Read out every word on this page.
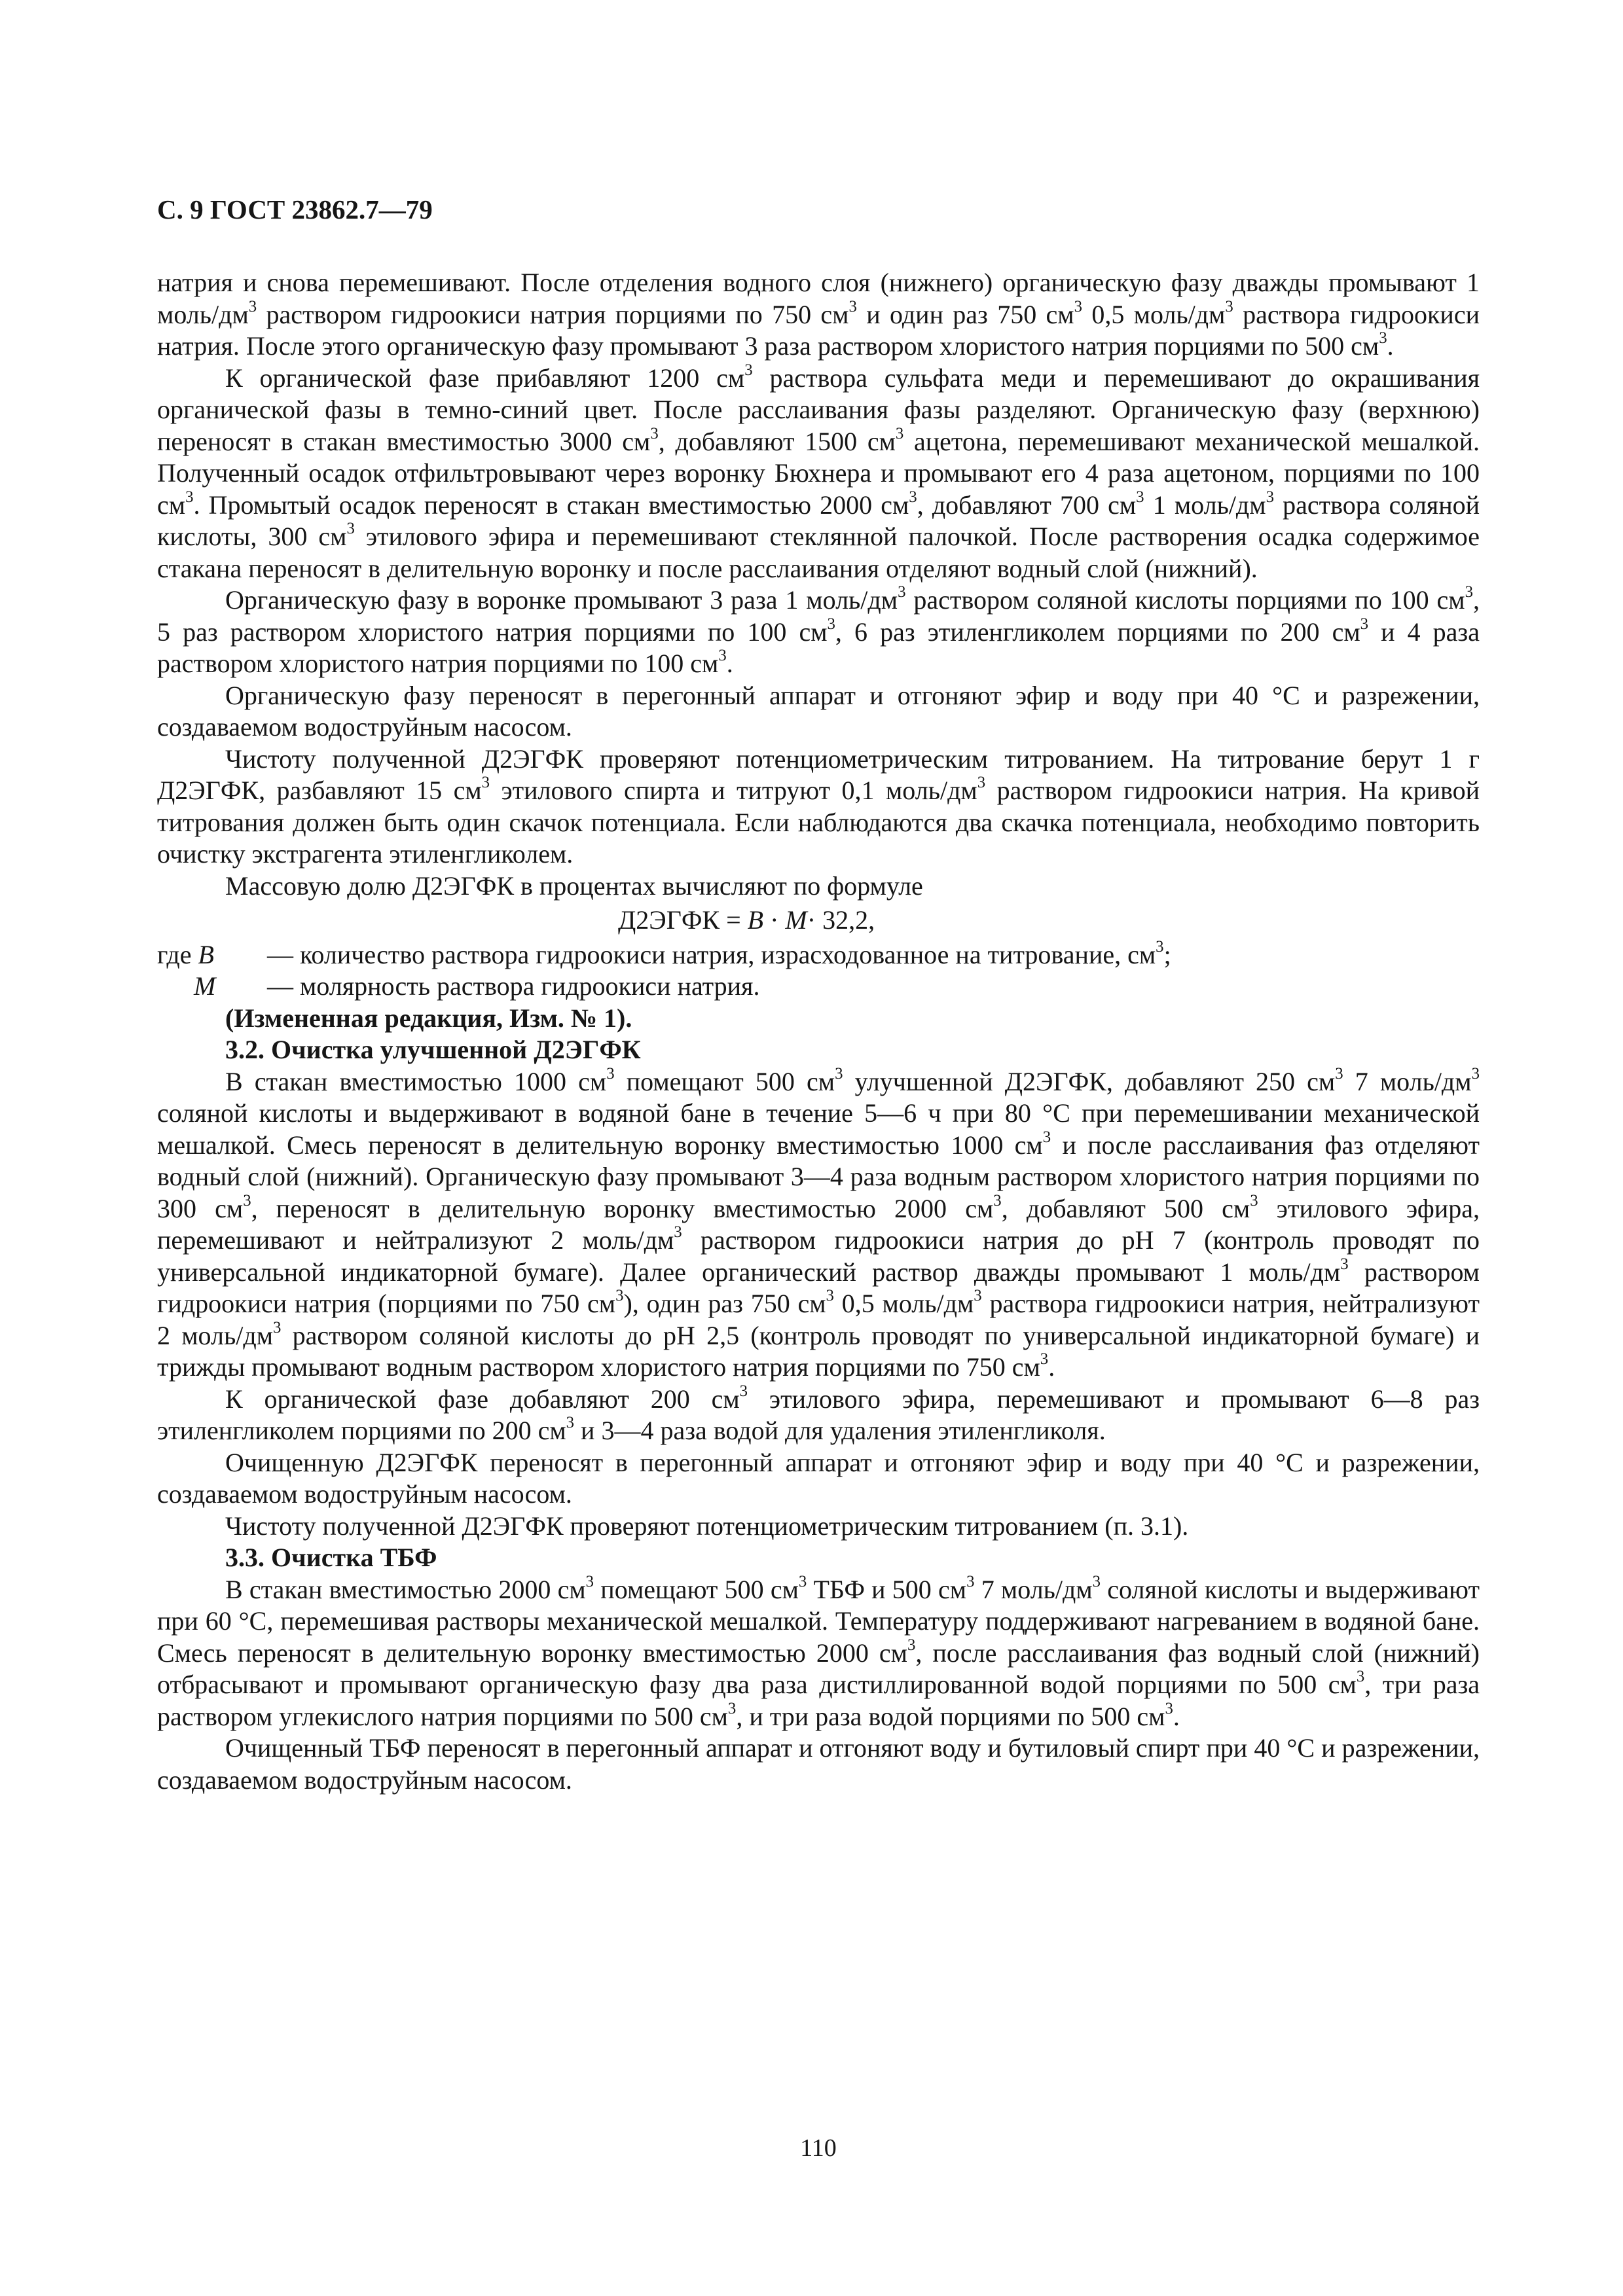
С. 9 ГОСТ 23862.7—79

натрия и снова перемешивают. После отделения водного слоя (нижнего) органическую фазу дважды промывают 1 моль/$дм^3$ раствором гидроокиси натрия порциями по 750 $см^3$ и один раз 750 $см^3$ 0,5 моль/$дм^3$ раствора гидроокиси натрия. После этого органическую фазу промывают 3 раза раствором хлористого натрия порциями по 500 $см^3$.

К органической фазе прибавляют 1200 $см^3$ раствора сульфата меди и перемешивают до окрашивания органической фазы в темно-синий цвет. После расслаивания фазы разделяют. Органическую фазу (верхнюю) переносят в стакан вместимостью 3000 $см^3$, добавляют 1500 $см^3$ ацетона, перемешивают механической мешалкой. Полученный осадок отфильтровывают через воронку Бюхнера и промывают его 4 раза ацетоном, порциями по 100 $см^3$. Промытый осадок переносят в стакан вместимостью 2000 $см^3$, добавляют 700 $см^3$ 1 моль/$дм^3$ раствора соляной кислоты, 300 $см^3$ этилового эфира и перемешивают стеклянной палочкой. После растворения осадка содержимое стакана переносят в делительную воронку и после расслаивания отделяют водный слой (нижний).

Органическую фазу в воронке промывают 3 раза 1 моль/$дм^3$ раствором соляной кислоты порциями по 100 $см^3$, 5 раз раствором хлористого натрия порциями по 100 $см^3$, 6 раз этиленгликолем порциями по 200 $см^3$ и 4 раза раствором хлористого натрия порциями по 100 $см^3$.

Органическую фазу переносят в перегонный аппарат и отгоняют эфир и воду при 40 °С и разрежении, создаваемом водоструйным насосом.

Чистоту полученной Д2ЭГФК проверяют потенциометрическим титрованием. На титрование берут 1 г Д2ЭГФК, разбавляют 15 $см^3$ этилового спирта и титруют 0,1 моль/$дм^3$ раствором гидроокиси натрия. На кривой титрования должен быть один скачок потенциала. Если наблюдаются два скачка потенциала, необходимо повторить очистку экстрагента этиленгликолем.

Массовую долю Д2ЭГФК в процентах вычисляют по формуле

Д2ЭГФК = В · М· 32,2,

где В	— количество раствора гидроокиси натрия, израсходованное на титрование, $см^3$;
М	— молярность раствора гидроокиси натрия.

(Измененная редакция, Изм. № 1).

3.2. Очистка улучшенной Д2ЭГФК

В стакан вместимостью 1000 $см^3$ помещают 500 $см^3$ улучшенной Д2ЭГФК, добавляют 250 $см^3$ 7 моль/$дм^3$ соляной кислоты и выдерживают в водяной бане в течение 5—6 ч при 80 °С при перемешивании механической мешалкой. Смесь переносят в делительную воронку вместимостью 1000 $см^3$ и после расслаивания фаз отделяют водный слой (нижний). Органическую фазу промывают 3—4 раза водным раствором хлористого натрия порциями по 300 $см^3$, переносят в делительную воронку вместимостью 2000 $см^3$, добавляют 500 $см^3$ этилового эфира, перемешивают и нейтрализуют 2 моль/$дм^3$ раствором гидроокиси натрия до рН 7 (контроль проводят по универсальной индикаторной бумаге). Далее органический раствор дважды промывают 1 моль/$дм^3$ раствором гидроокиси натрия (порциями по 750 $см^3$), один раз 750 $см^3$ 0,5 моль/$дм^3$ раствора гидроокиси натрия, нейтрализуют 2 моль/$дм^3$ раствором соляной кислоты до рН 2,5 (контроль проводят по универсальной индикаторной бумаге) и трижды промывают водным раствором хлористого натрия порциями по 750 $см^3$.

К органической фазе добавляют 200 $см^3$ этилового эфира, перемешивают и промывают 6—8 раз этиленгликолем порциями по 200 $см^3$ и 3—4 раза водой для удаления этиленгликоля.

Очищенную Д2ЭГФК переносят в перегонный аппарат и отгоняют эфир и воду при 40 °С и разрежении, создаваемом водоструйным насосом.

Чистоту полученной Д2ЭГФК проверяют потенциометрическим титрованием (п. 3.1).

3.3. Очистка ТБФ

В стакан вместимостью 2000 $см^3$ помещают 500 $см^3$ ТБФ и 500 $см^3$ 7 моль/$дм^3$ соляной кислоты и выдерживают при 60 °С, перемешивая растворы механической мешалкой. Температуру поддерживают нагреванием в водяной бане. Смесь переносят в делительную воронку вместимостью 2000 $см^3$, после расслаивания фаз водный слой (нижний) отбрасывают и промывают органическую фазу два раза дистиллированной водой порциями по 500 $см^3$, три раза раствором углекислого натрия порциями по 500 $см^3$, и три раза водой порциями по 500 $см^3$.

Очищенный ТБФ переносят в перегонный аппарат и отгоняют воду и бутиловый спирт при 40 °С и разрежении, создаваемом водоструйным насосом.

110
